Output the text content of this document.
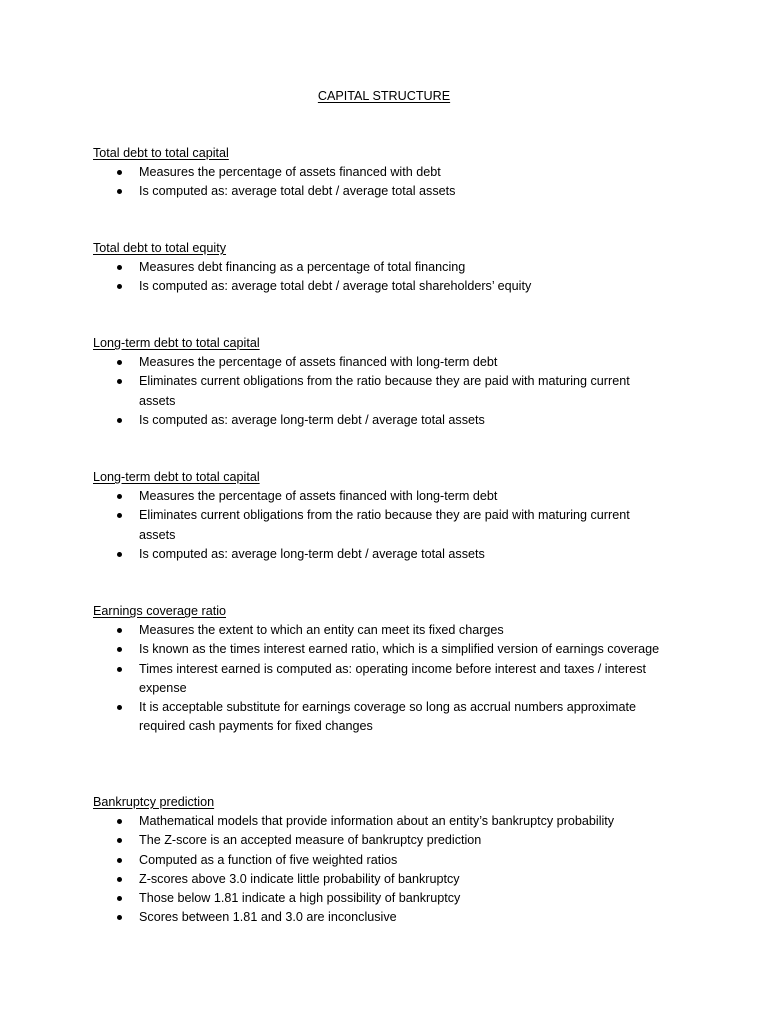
CAPITAL STRUCTURE
Total debt to total capital
Measures the percentage of assets financed with debt
Is computed as: average total debt / average total assets
Total debt to total equity
Measures debt financing as a percentage of total financing
Is computed as: average total debt / average total shareholders’ equity
Long-term debt to total capital
Measures the percentage of assets financed with long-term debt
Eliminates current obligations from the ratio because they are paid with maturing current assets
Is computed as: average long-term debt / average total assets
Long-term debt to total capital
Measures the percentage of assets financed with long-term debt
Eliminates current obligations from the ratio because they are paid with maturing current assets
Is computed as: average long-term debt / average total assets
Earnings coverage ratio
Measures the extent to which an entity can meet its fixed charges
Is known as the times interest earned ratio, which is a simplified version of earnings coverage
Times interest earned is computed as: operating income before interest and taxes / interest expense
It is acceptable substitute for earnings coverage so long as accrual numbers approximate required cash payments for fixed changes
Bankruptcy prediction
Mathematical models that provide information about an entity’s bankruptcy probability
The Z-score is an accepted measure of bankruptcy prediction
Computed as a function of five weighted ratios
Z-scores above 3.0 indicate little probability of bankruptcy
Those below 1.81 indicate a high possibility of bankruptcy
Scores between 1.81 and 3.0 are inconclusive
